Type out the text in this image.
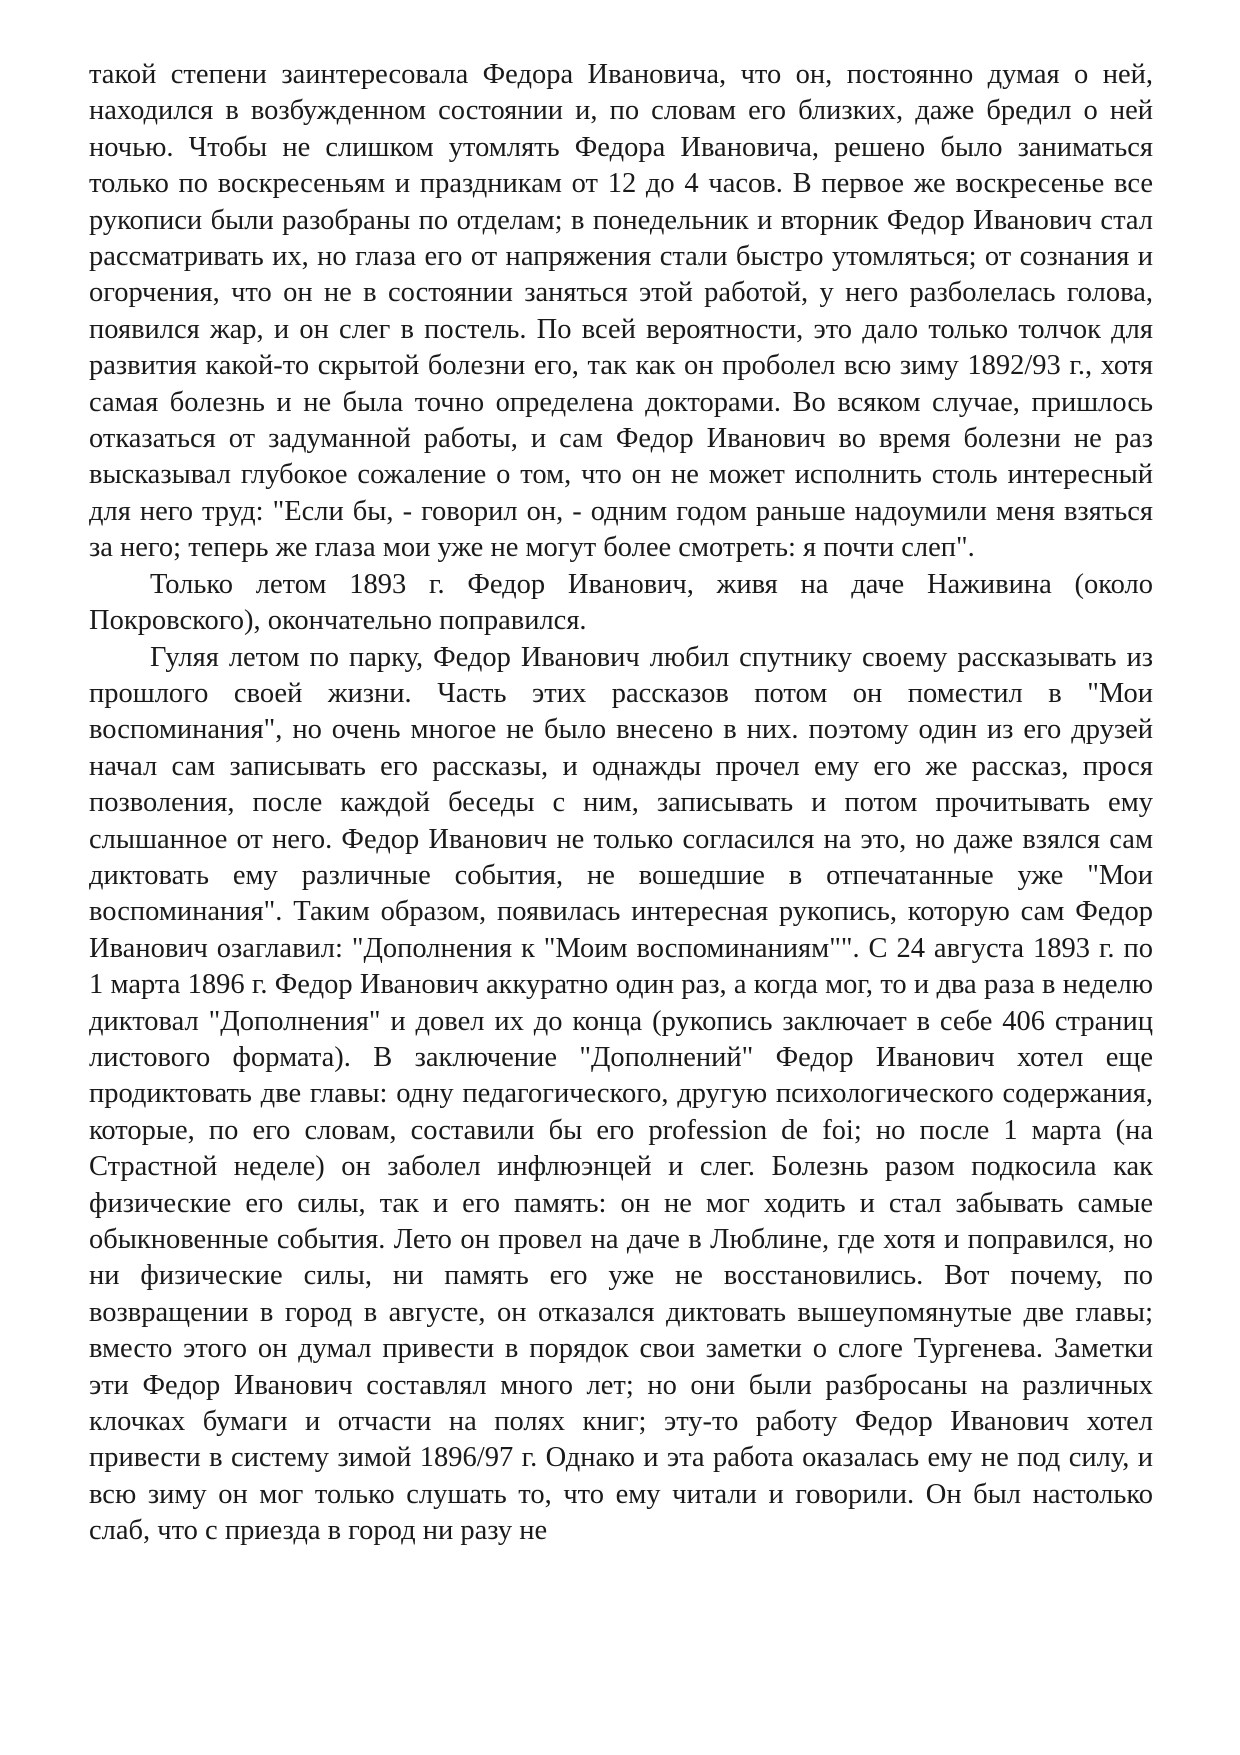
такой степени заинтересовала Федора Ивановича, что он, постоянно думая о ней, находился в возбужденном состоянии и, по словам его близких, даже бредил о ней ночью. Чтобы не слишком утомлять Федора Ивановича, решено было заниматься только по воскресеньям и праздникам от 12 до 4 часов. В первое же воскресенье все рукописи были разобраны по отделам; в понедельник и вторник Федор Иванович стал рассматривать их, но глаза его от напряжения стали быстро утомляться; от сознания и огорчения, что он не в состоянии заняться этой работой, у него разболелась голова, появился жар, и он слег в постель. По всей вероятности, это дало только толчок для развития какой-то скрытой болезни его, так как он проболел всю зиму 1892/93 г., хотя самая болезнь и не была точно определена докторами. Во всяком случае, пришлось отказаться от задуманной работы, и сам Федор Иванович во время болезни не раз высказывал глубокое сожаление о том, что он не может исполнить столь интересный для него труд: "Если бы, - говорил он, - одним годом раньше надоумили меня взяться за него; теперь же глаза мои уже не могут более смотреть: я почти слеп".

Только летом 1893 г. Федор Иванович, живя на даче Наживина (около Покровского), окончательно поправился.

Гуляя летом по парку, Федор Иванович любил спутнику своему рассказывать из прошлого своей жизни. Часть этих рассказов потом он поместил в "Мои воспоминания", но очень многое не было внесено в них. поэтому один из его друзей начал сам записывать его рассказы, и однажды прочел ему его же рассказ, прося позволения, после каждой беседы с ним, записывать и потом прочитывать ему слышанное от него. Федор Иванович не только согласился на это, но даже взялся сам диктовать ему различные события, не вошедшие в отпечатанные уже "Мои воспоминания". Таким образом, появилась интересная рукопись, которую сам Федор Иванович озаглавил: "Дополнения к "Моим воспоминаниям"". С 24 августа 1893 г. по 1 марта 1896 г. Федор Иванович аккуратно один раз, а когда мог, то и два раза в неделю диктовал "Дополнения" и довел их до конца (рукопись заключает в себе 406 страниц листового формата). В заключение "Дополнений" Федор Иванович хотел еще продиктовать две главы: одну педагогического, другую психологического содержания, которые, по его словам, составили бы его profession de foi; но после 1 марта (на Страстной неделе) он заболел инфлюэнцей и слег. Болезнь разом подкосила как физические его силы, так и его память: он не мог ходить и стал забывать самые обыкновенные события. Лето он провел на даче в Люблине, где хотя и поправился, но ни физические силы, ни память его уже не восстановились. Вот почему, по возвращении в город в августе, он отказался диктовать вышеупомянутые две главы; вместо этого он думал привести в порядок свои заметки о слоге Тургенева. Заметки эти Федор Иванович составлял много лет; но они были разбросаны на различных клочках бумаги и отчасти на полях книг; эту-то работу Федор Иванович хотел привести в систему зимой 1896/97 г. Однако и эта работа оказалась ему не под силу, и всю зиму он мог только слушать то, что ему читали и говорили. Он был настолько слаб, что с приезда в город ни разу не
